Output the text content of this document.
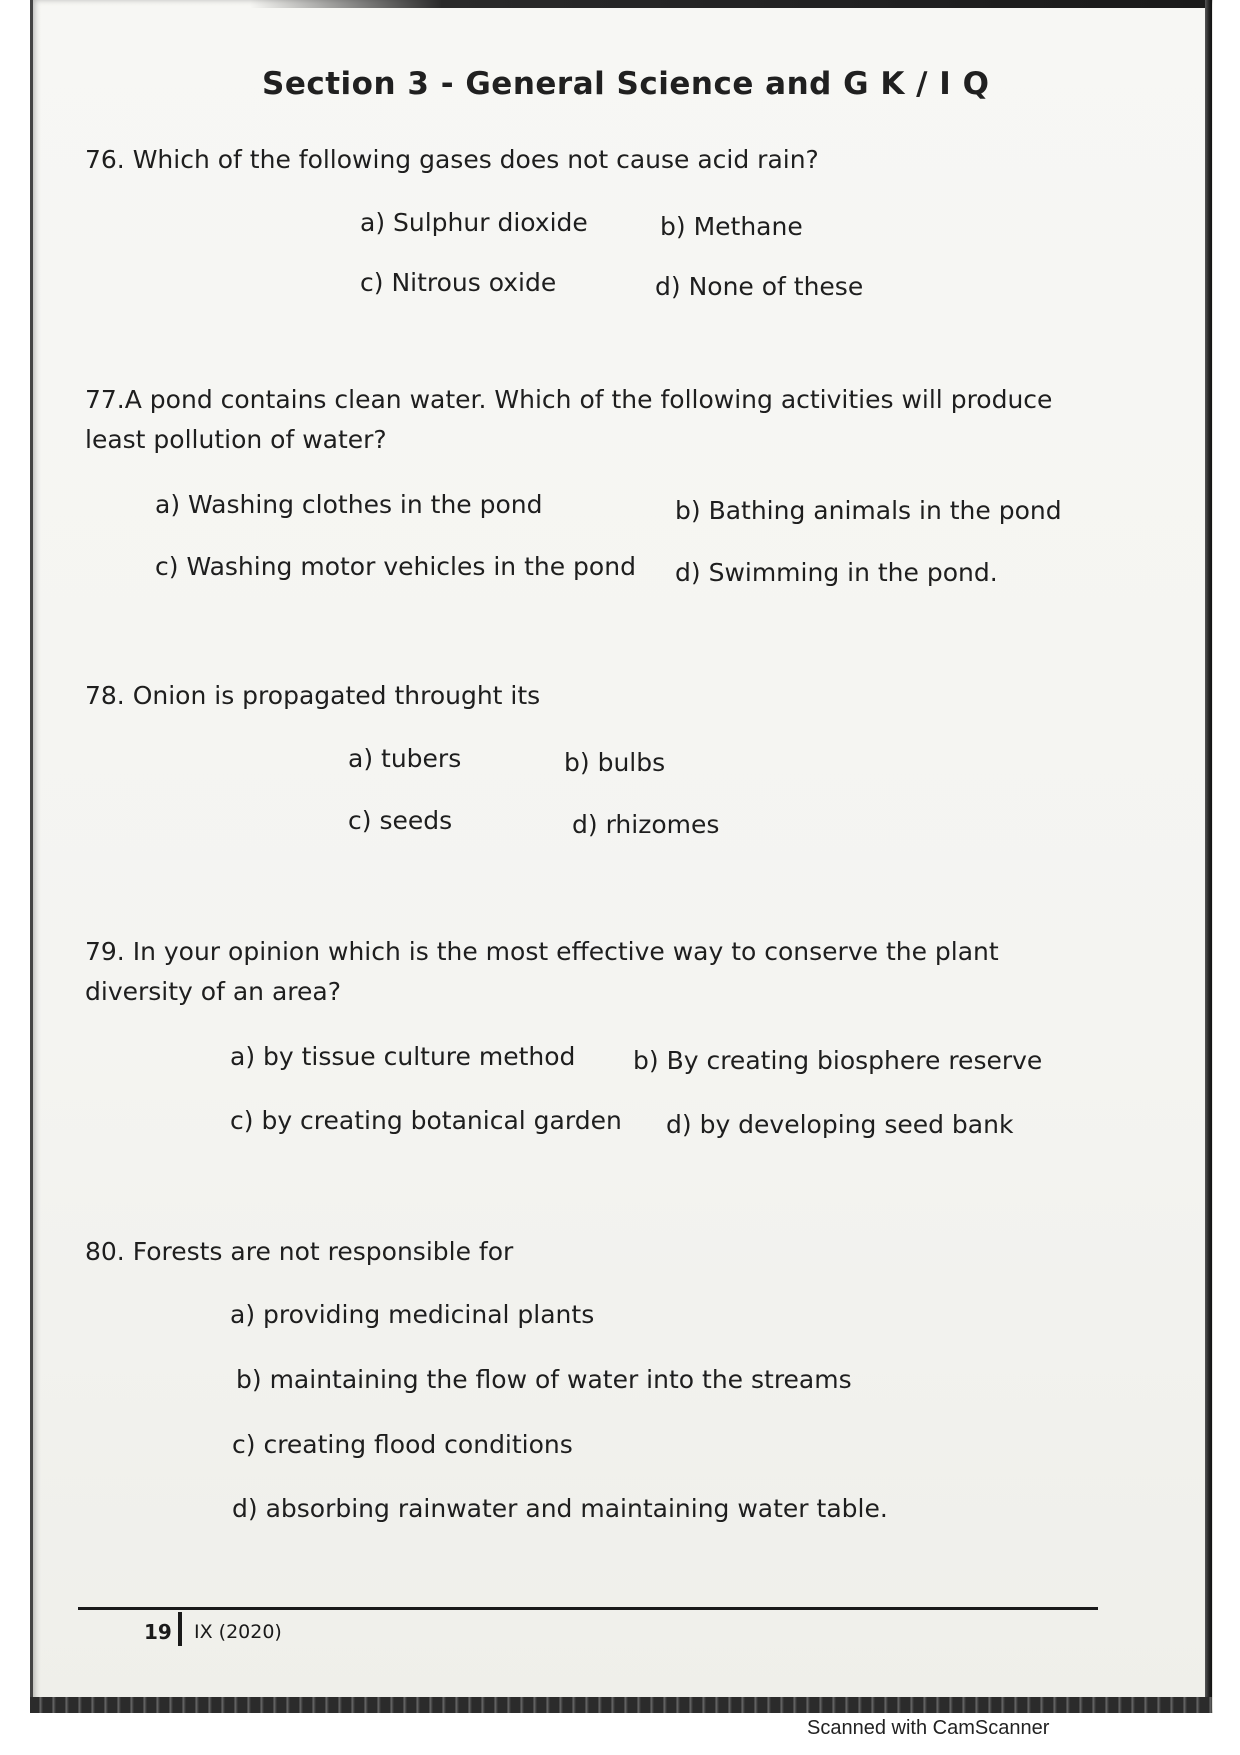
Section 3 - General Science and G K / I Q
76. Which of the following gases does not cause acid rain?
a) Sulphur dioxide	b) Methane
c) Nitrous oxide	d) None of these
77.A pond contains clean water. Which of the following activities will produce least pollution of water?
a) Washing clothes in the pond	b) Bathing animals in the pond
c) Washing motor vehicles in the pond d) Swimming in the pond.
78. Onion is propagated throught its
a) tubers	b) bulbs
c) seeds	d) rhizomes
79. In your opinion which is the most effective way to conserve the plant diversity of an area?
a) by tissue culture method b) By creating biosphere reserve
c) by creating botanical garden d) by developing seed bank
80. Forests are not responsible for
a) providing medicinal plants
b) maintaining the flow of water into the streams
c) creating flood conditions
d) absorbing rainwater and maintaining water table.
19 IX (2020)
Scanned with CamScanner
